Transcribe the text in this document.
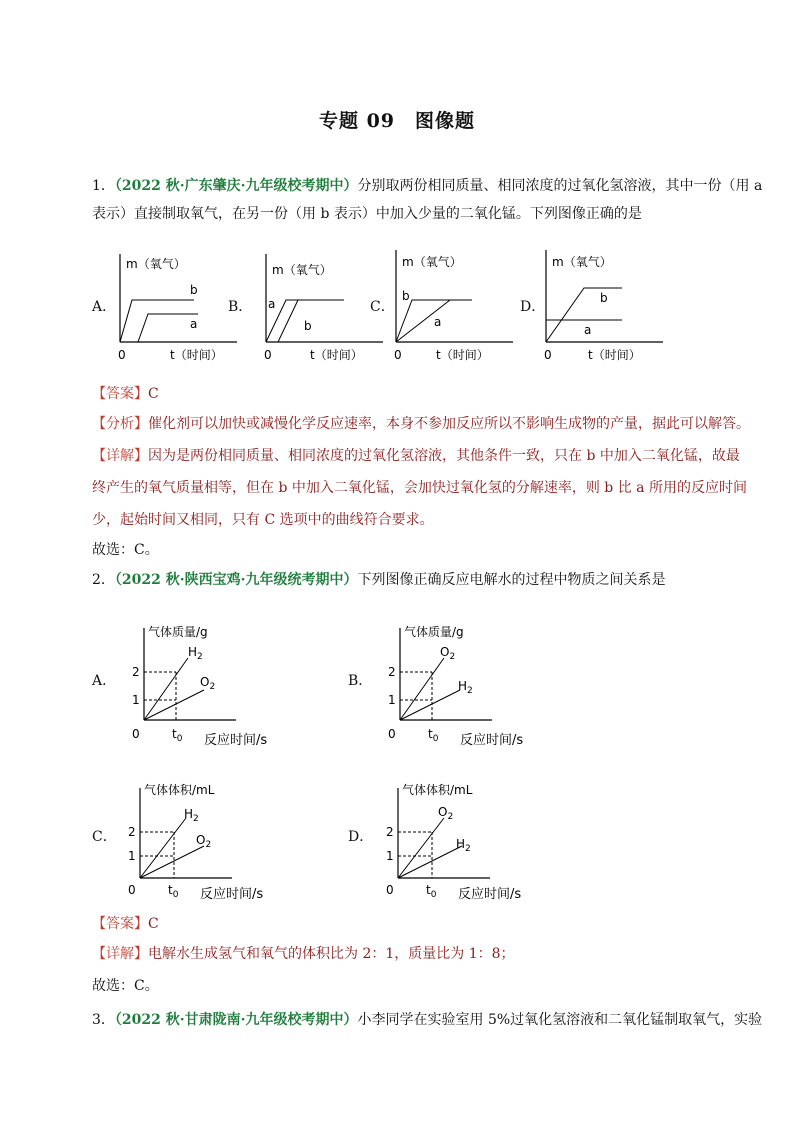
专题 09　图像题
1．（2022 秋·广东肇庆·九年级校考期中）分别取两份相同质量、相同浓度的过氧化氢溶液，其中一份（用 a
表示）直接制取氧气，在另一份（用 b 表示）中加入少量的二氧化锰。下列图像正确的是
A．
m（氧气）
0	t（时间）
b
a
B．
m（氧气）
0	t（时间）
a
b
C．
m（氧气）
0	t（时间）
b
a
D．
m（氧气）
0	t（时间）
b
a
【答案】C
【分析】催化剂可以加快或减慢化学反应速率，本身不参加反应所以不影响生成物的产量，据此可以解答。
【详解】因为是两份相同质量、相同浓度的过氧化氢溶液，其他条件一致，只在 b 中加入二氧化锰，故最
终产生的氧气质量相等，但在 b 中加入二氧化锰，会加快过氧化氢的分解速率，则 b 比 a 所用的反应时间
少，起始时间又相同，只有 C 选项中的曲线符合要求。
故选：C。
2．（2022 秋·陕西宝鸡·九年级统考期中）下列图像正确反应电解水的过程中物质之间关系是
A．
气体质量/g
0
2
1
$t_0$ 反应时间/s
$H_2$
$O_2$	B．
气体质量/g
0
2
1
$t_0$ 反应时间/s
$O_2$
$H_2$
C．
气体体积/mL
0
2
1
$t_0$ 反应时间/s
$H_2$
$O_2$	D．
气体体积/mL
0
2
1
$t_0$ 反应时间/s
$O_2$
$H_2$
【答案】C
【详解】电解水生成氢气和氧气的体积比为 2：1，质量比为 1：8；
故选：C。
3．（2022 秋·甘肃陇南·九年级校考期中）小李同学在实验室用 5%过氧化氢溶液和二氧化锰制取氧气，实验
